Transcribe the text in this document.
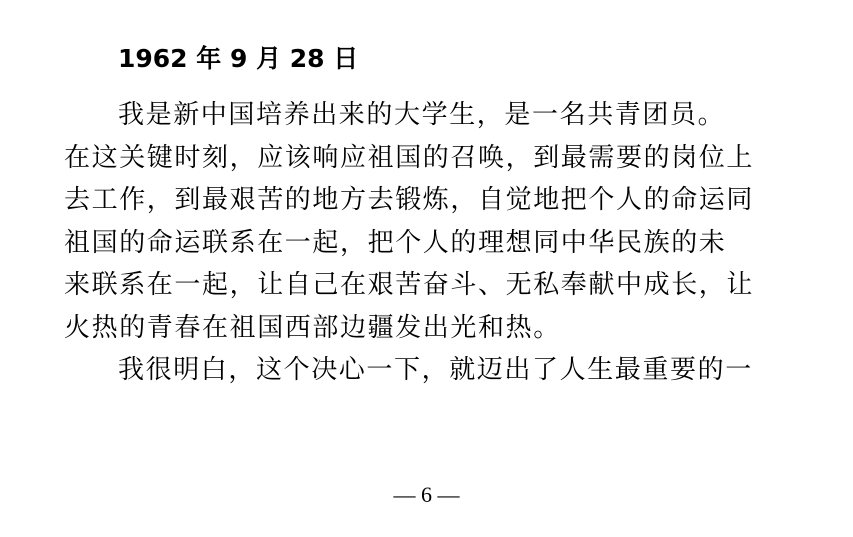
1962 年 9 月 28 日
我是新中国培养出来的大学生，是一名共青团员。
在这关键时刻，应该响应祖国的召唤，到最需要的岗位上
去工作，到最艰苦的地方去锻炼，自觉地把个人的命运同
祖国的命运联系在一起，把个人的理想同中华民族的未
来联系在一起，让自己在艰苦奋斗、无私奉献中成长，让
火热的青春在祖国西部边疆发出光和热。
我很明白，这个决心一下，就迈出了人生最重要的一
— 6 —
